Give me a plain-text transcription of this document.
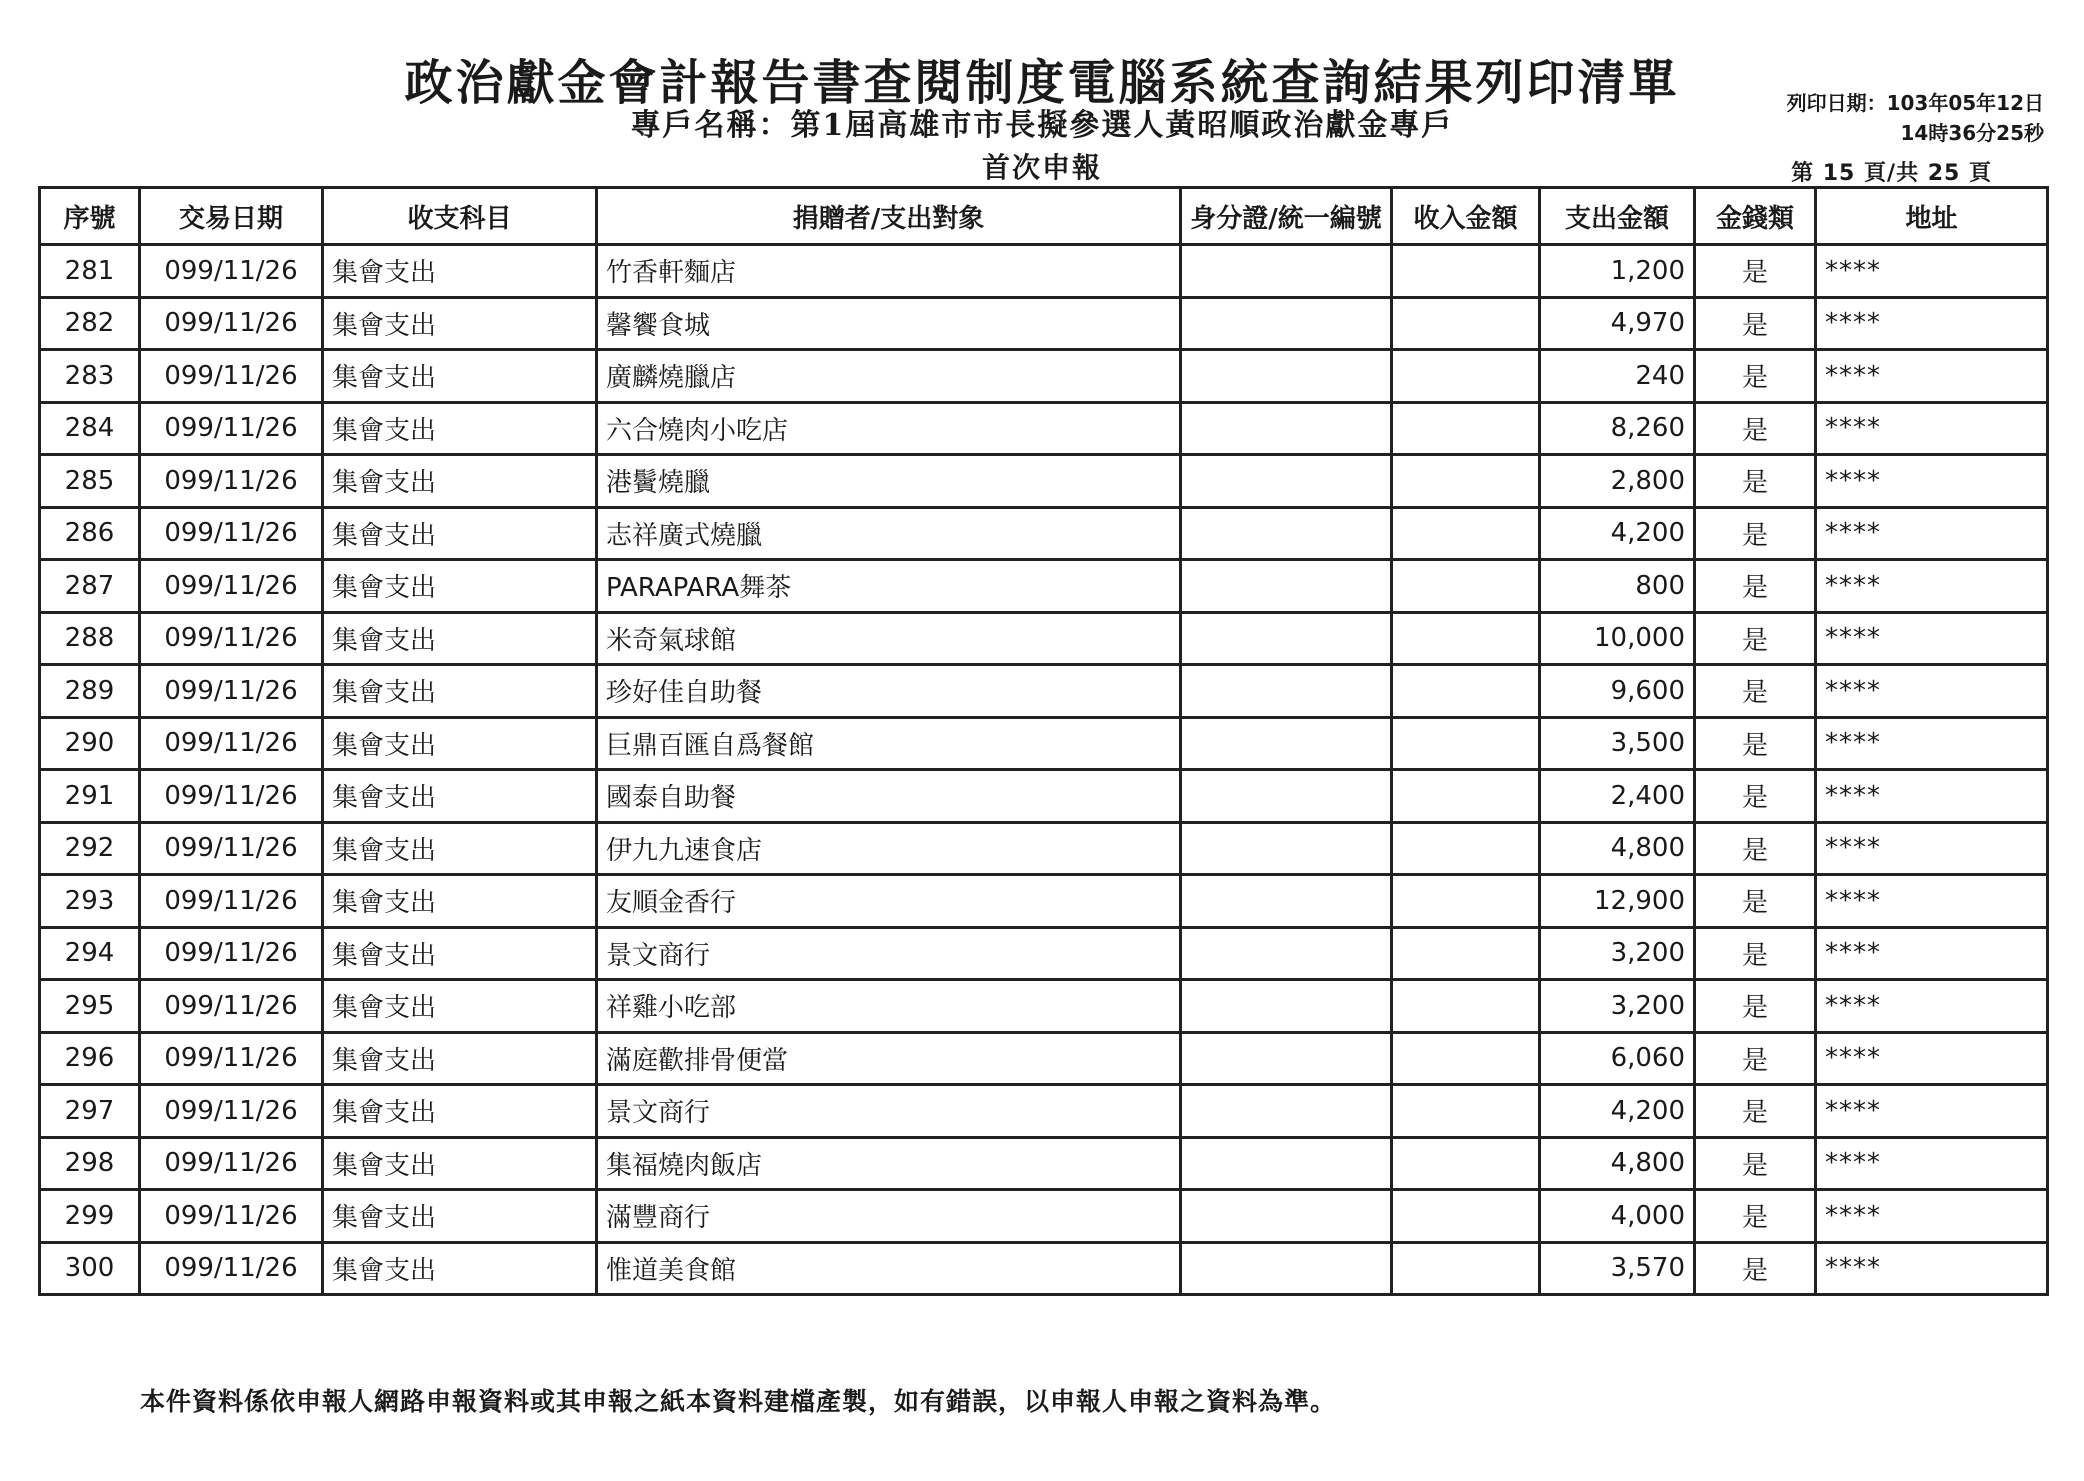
政治獻金會計報告書查閱制度電腦系統查詢結果列印清單
專戶名稱：第1屆高雄市市長擬參選人黃昭順政治獻金專戶
首次申報
列印日期：103年05年12日
14時36分25秒
第 15 頁/共 25 頁
序號	交易日期	收支科目	捐贈者/支出對象	身分證/統一編號	收入金額	支出金額	金錢類	地址
281	099/11/26	集會支出	竹香軒麵店			1,200	是	****
282	099/11/26	集會支出	馨饗食城			4,970	是	****
283	099/11/26	集會支出	廣麟燒臘店			240	是	****
284	099/11/26	集會支出	六合燒肉小吃店			8,260	是	****
285	099/11/26	集會支出	港鬢燒臘			2,800	是	****
286	099/11/26	集會支出	志祥廣式燒臘			4,200	是	****
287	099/11/26	集會支出	PARAPARA舞茶			800	是	****
288	099/11/26	集會支出	米奇氣球館			10,000	是	****
289	099/11/26	集會支出	珍好佳自助餐			9,600	是	****
290	099/11/26	集會支出	巨鼎百匯自爲餐館			3,500	是	****
291	099/11/26	集會支出	國泰自助餐			2,400	是	****
292	099/11/26	集會支出	伊九九速食店			4,800	是	****
293	099/11/26	集會支出	友順金香行			12,900	是	****
294	099/11/26	集會支出	景文商行			3,200	是	****
295	099/11/26	集會支出	祥雞小吃部			3,200	是	****
296	099/11/26	集會支出	滿庭歡排骨便當			6,060	是	****
297	099/11/26	集會支出	景文商行			4,200	是	****
298	099/11/26	集會支出	集福燒肉飯店			4,800	是	****
299	099/11/26	集會支出	滿豐商行			4,000	是	****
300	099/11/26	集會支出	惟道美食館			3,570	是	****
本件資料係依申報人網路申報資料或其申報之紙本資料建檔產製，如有錯誤，以申報人申報之資料為準。
